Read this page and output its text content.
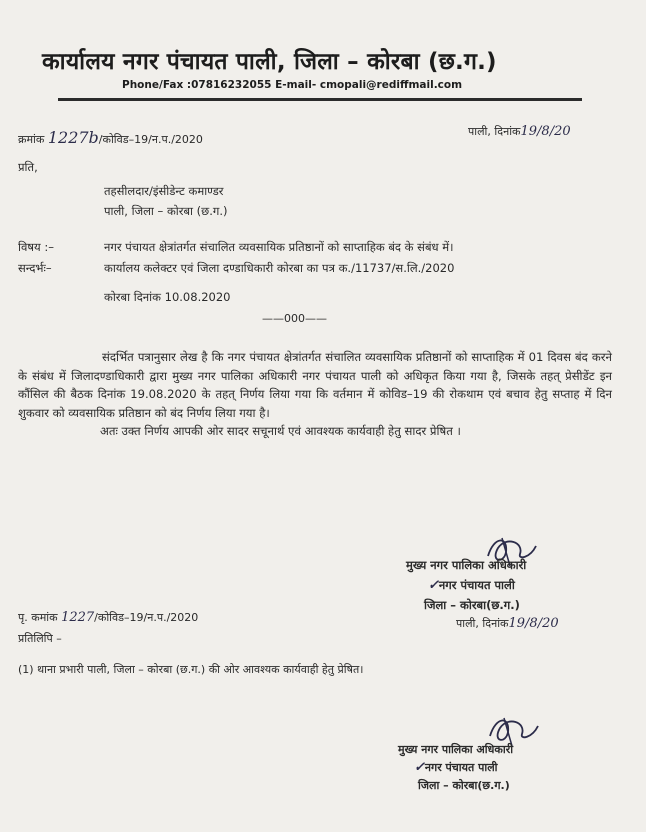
कार्यालय नगर पंचायत पाली, जिला – कोरबा (छ.ग.)
Phone/Fax :07816232055 E-mail- cmopali@rediffmail.com
क्रमांक 1227b/कोविड–19/न.प./2020
पाली, दिनांक19/8/20
प्रति,
तहसीलदार/इंसीडेन्ट कमाण्डर
पाली, जिला – कोरबा (छ.ग.)
विषय :–	नगर पंचायत क्षेत्रांतर्गत संचालित व्यवसायिक प्रतिष्ठानों को साप्ताहिक बंद के संबंध में।
सन्दर्भः–	कार्यालय कलेक्टर एवं जिला दण्डाधिकारी कोरबा का पत्र क./11737/स.लि./2020
कोरबा दिनांक 10.08.2020
——000——

संदर्भित पत्रानुसार लेख है कि नगर पंचायत क्षेत्रांतर्गत संचालित व्यवसायिक प्रतिष्ठानों को साप्ताहिक में 01 दिवस बंद करने के संबंध में जिलादण्डाधिकारी द्वारा मुख्य नगर पालिका अधिकारी नगर पंचायत पाली को अधिकृत किया गया है, जिसके तहत् प्रेसीडेंट इन कौंसिल की बैठक दिनांक 19.08.2020 के तहत् निर्णय लिया गया कि वर्तमान में कोविड–19 की रोकथाम एवं बचाव हेतु सप्ताह में दिन शुकवार को व्यवसायिक प्रतिष्ठान को बंद निर्णय लिया गया है।

अतः उक्त निर्णय आपकी ओर सादर सचूनार्थ एवं आवश्यक कार्यवाही हेतु सादर प्रेषित ।

मुख्य नगर पालिका अधिकारी
✓नगर पंचायत पाली
जिला – कोरबा(छ.ग.)
पृ. कमांक 1227/कोविड–19/न.प./2020	पाली, दिनांक19/8/20
प्रतिलिपि –
(1) थाना प्रभारी पाली, जिला – कोरबा (छ.ग.) की ओर आवश्यक कार्यवाही हेतु प्रेषित।
मुख्य नगर पालिका अधिकारी
✓नगर पंचायत पाली
जिला – कोरबा(छ.ग.)
